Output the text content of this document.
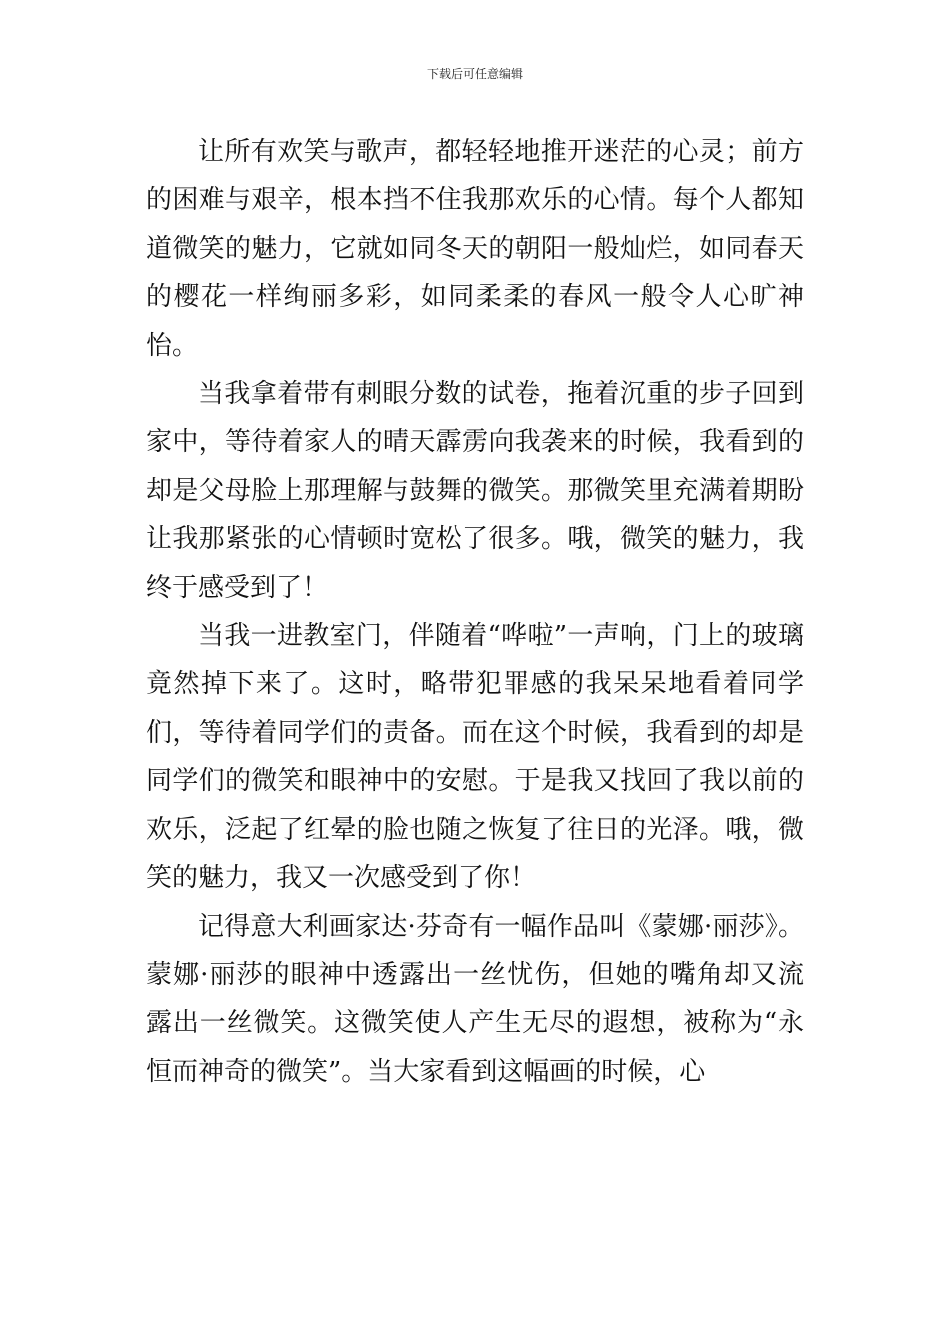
下载后可任意编辑

让所有欢笑与歌声，都轻轻地推开迷茫的心灵；前方的困难与艰辛，根本挡不住我那欢乐的心情。每个人都知道微笑的魅力，它就如同冬天的朝阳一般灿烂，如同春天的樱花一样绚丽多彩，如同柔柔的春风一般令人心旷神怡。

当我拿着带有刺眼分数的试卷，拖着沉重的步子回到家中，等待着家人的晴天霹雳向我袭来的时候，我看到的却是父母脸上那理解与鼓舞的微笑。那微笑里充满着期盼让我那紧张的心情顿时宽松了很多。哦，微笑的魅力，我终于感受到了！

当我一进教室门，伴随着“哗啦”一声响，门上的玻璃竟然掉下来了。这时，略带犯罪感的我呆呆地看着同学们，等待着同学们的责备。而在这个时候，我看到的却是同学们的微笑和眼神中的安慰。于是我又找回了我以前的欢乐，泛起了红晕的脸也随之恢复了往日的光泽。哦，微笑的魅力，我又一次感受到了你！

记得意大利画家达·芬奇有一幅作品叫《蒙娜·丽莎》。蒙娜·丽莎的眼神中透露出一丝忧伤，但她的嘴角却又流露出一丝微笑。这微笑使人产生无尽的遐想，被称为“永恒而神奇的微笑”。当大家看到这幅画的时候，心
